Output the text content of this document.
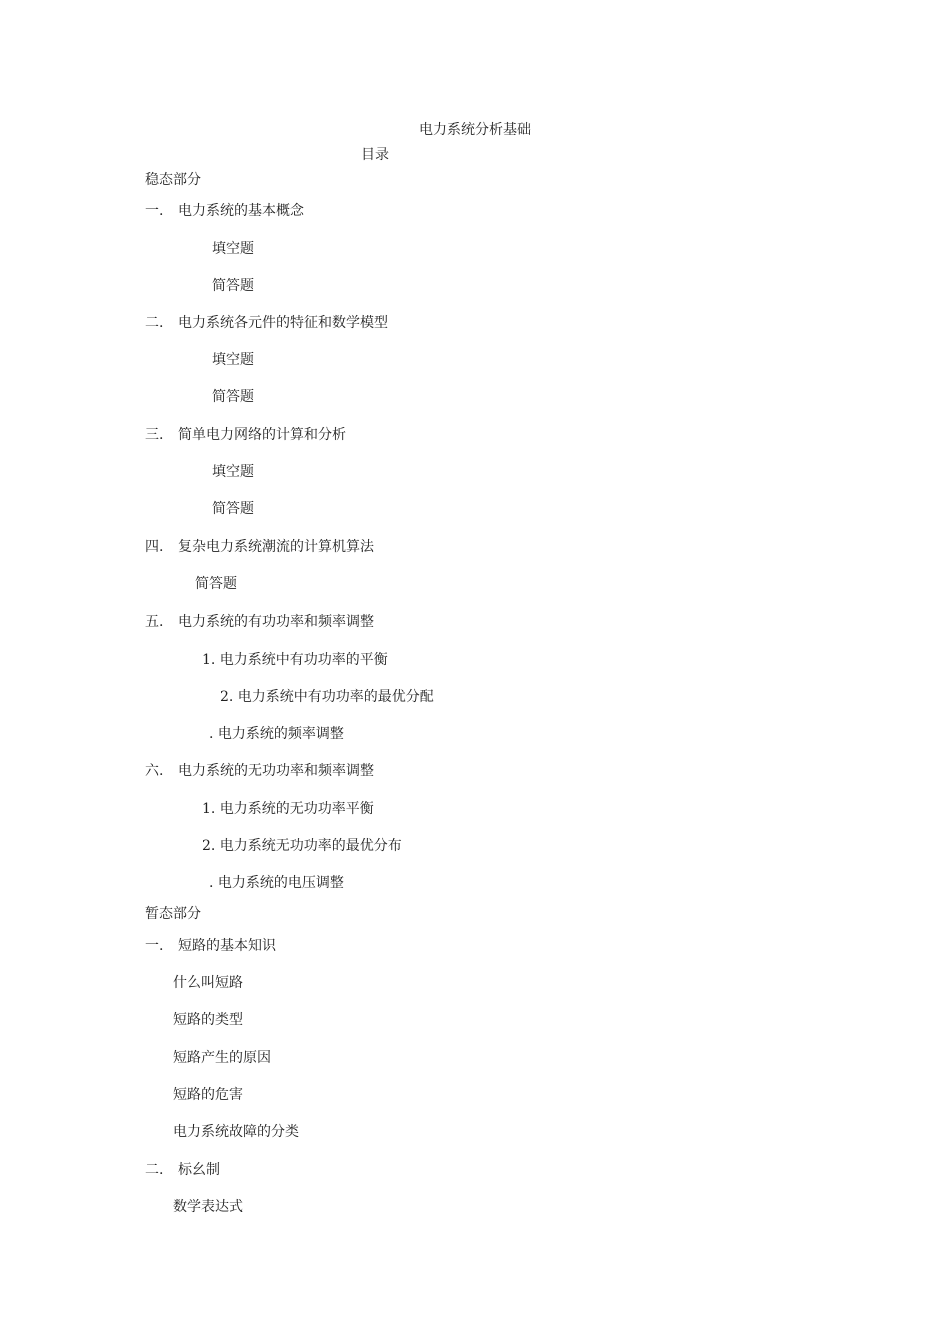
电力系统分析基础
目录
稳态部分
一. 电力系统的基本概念
填空题
简答题
二. 电力系统各元件的特征和数学模型
填空题
简答题
三. 简单电力网络的计算和分析
填空题
简答题
四. 复杂电力系统潮流的计算机算法
简答题
五. 电力系统的有功功率和频率调整
1. 电力系统中有功功率的平衡
2. 电力系统中有功功率的最优分配
. 电力系统的频率调整
六. 电力系统的无功功率和频率调整
1. 电力系统的无功功率平衡
2. 电力系统无功功率的最优分布
. 电力系统的电压调整
暂态部分
一. 短路的基本知识
什么叫短路
短路的类型
短路产生的原因
短路的危害
电力系统故障的分类
二. 标幺制
数学表达式
